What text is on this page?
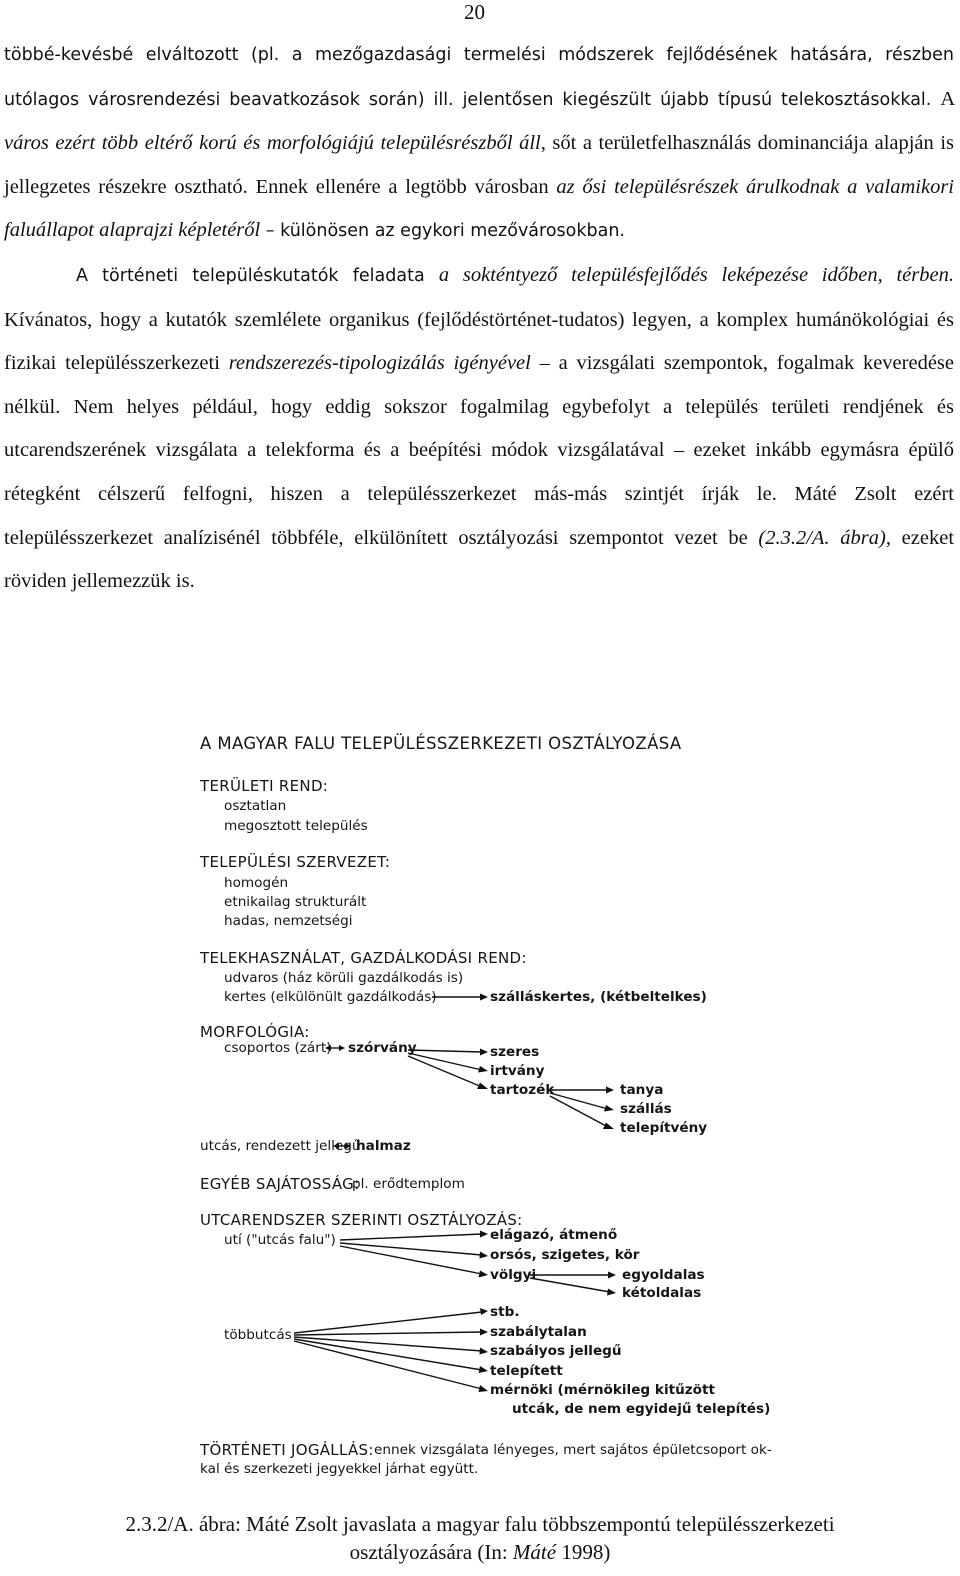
20

többé-kevésbé elváltozott (pl. a mezőgazdasági termelési módszerek fejlődésének hatására, részben utólagos városrendezési beavatkozások során) ill. jelentősen kiegészült újabb típusú telekosztásokkal. A város ezért több eltérő korú és morfológiájú településrészből áll, sőt a területfelhasználás dominanciája alapján is jellegzetes részekre osztható. Ennek ellenére a legtöbb városban az ősi településrészek árulkodnak a valamikori faluállapot alaprajzi képletéről – különösen az egykori mezővárosokban.

A történeti településkutatók feladata a sokténtyező településfejlődés leképezése időben, térben. Kívánatos, hogy a kutatók szemlélete organikus (fejlődéstörténet-tudatos) legyen, a komplex humánökológiai és fizikai településszerkezeti rendszerezés-tipologizálás igényével – a vizsgálati szempontok, fogalmak keveredése nélkül. Nem helyes például, hogy eddig sokszor fogalmilag egybefolyt a település területi rendjének és utcarendszerének vizsgálata a telekforma és a beépítési módok vizsgálatával – ezeket inkább egymásra épülő rétegként célszerű felfogni, hiszen a településszerkezet más-más szintjét írják le. Máté Zsolt ezért településszerkezet analízisénél többféle, elkülönített osztályozási szempontot vezet be (2.3.2/A. ábra), ezeket röviden jellemezzük is.

A MAGYAR FALU TELEPÜLÉSSZERKEZETI OSZTÁLYOZÁSA
TERÜLETI REND:
osztatlan
megosztott település
TELEPÜLÉSI SZERVEZET:
homogén
etnikailag strukturált
hadas, nemzetségi
TELEKHASZNÁLAT, GAZDÁLKODÁSI REND:
udvaros (ház körüli gazdálkodás is)
kertes (elkülönült gazdálkodás)	szálláskertes, (kétbeltelkes)
MORFOLÓGIA:
csoportos (zárt) szórvány	szeres
irtvány
tartozék	tanya
szállás
telepítvény
utcás, rendezett jellegű
halmaz
EGYÉB SAJÁTOSSÁG:
pl. erődtemplom
UTCARENDSZER SZERINTI OSZTÁLYOZÁS:
utí ("utcás falu")	elágazó, átmenő
orsós, szigetes, kör
völgyi	egyoldalas
kétoldalas
többutcás
stb.
szabálytalan
szabályos jellegű
telepített
mérnöki (mérnökileg kitűzött
utcák, de nem egyidejű telepítés)
TÖRTÉNETI JOGÁLLÁS: ennek vizsgálata lényeges, mert sajátos épületcsoport ok-
kal és szerkezeti jegyekkel járhat együtt.
2.3.2/A. ábra: Máté Zsolt javaslata a magyar falu többszempontú településszerkezeti
osztályozására (In: Máté 1998)
